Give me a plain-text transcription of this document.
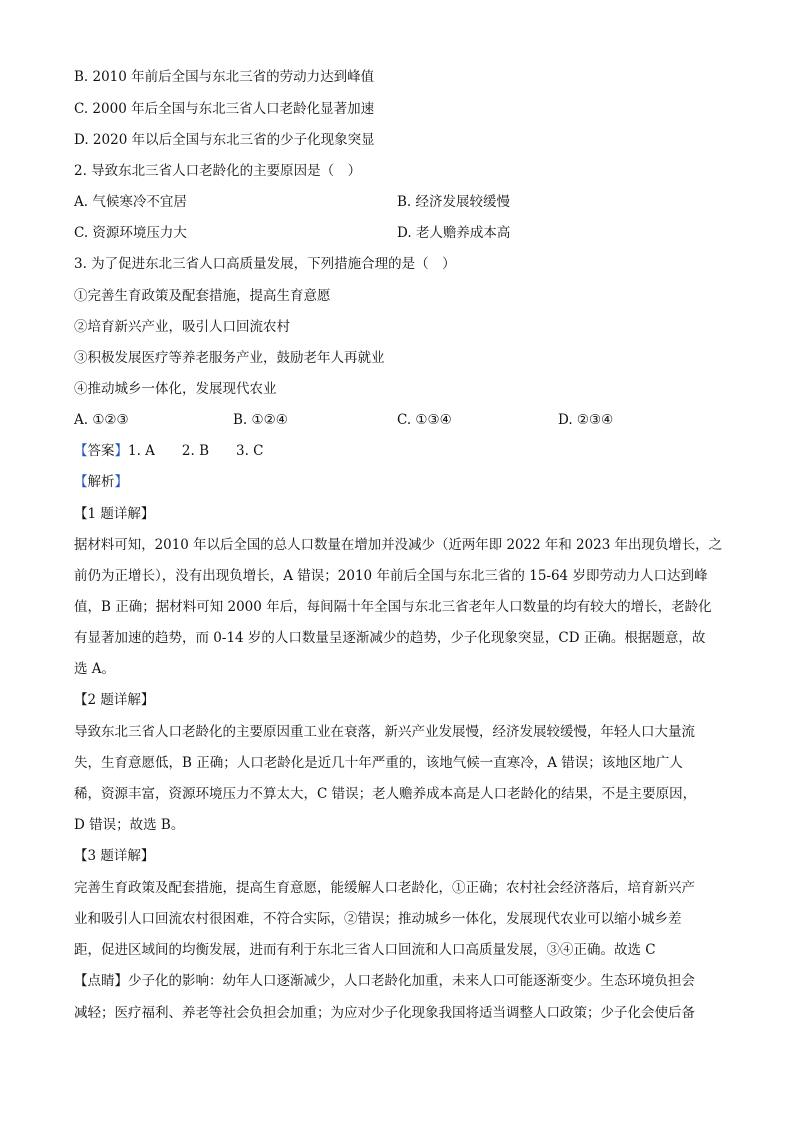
B. 2010 年前后全国与东北三省的劳动力达到峰值
C. 2000 年后全国与东北三省人口老龄化显著加速
D. 2020 年以后全国与东北三省的少子化现象突显
2. 导致东北三省人口老龄化的主要原因是（　）
A. 气候寒冷不宜居	B. 经济发展较缓慢
C. 资源环境压力大	D. 老人赡养成本高
3. 为了促进东北三省人口高质量发展，下列措施合理的是（　）
①完善生育政策及配套措施，提高生育意愿
②培育新兴产业，吸引人口回流农村
③积极发展医疗等养老服务产业，鼓励老年人再就业
④推动城乡一体化，发展现代农业
A. ①②③	B. ①②④	C. ①③④	D. ②③④
【答案】1. A　　2. B　　3. C
【解析】
【1 题详解】
据材料可知，2010 年以后全国的总人口数量在增加并没减少（近两年即 2022 年和 2023 年出现负增长，之
前仍为正增长），没有出现负增长，A 错误；2010 年前后全国与东北三省的 15-64 岁即劳动力人口达到峰
值，B 正确；据材料可知 2000 年后，每间隔十年全国与东北三省老年人口数量的均有较大的增长，老龄化
有显著加速的趋势，而 0-14 岁的人口数量呈逐渐减少的趋势，少子化现象突显，CD 正确。根据题意，故
选 A。
【2 题详解】
导致东北三省人口老龄化的主要原因重工业在衰落，新兴产业发展慢，经济发展较缓慢，年轻人口大量流
失，生育意愿低，B 正确；人口老龄化是近几十年严重的，该地气候一直寒冷，A 错误；该地区地广人
稀，资源丰富，资源环境压力不算太大，C 错误；老人赡养成本高是人口老龄化的结果，不是主要原因，
D 错误；故选 B。
【3 题详解】
完善生育政策及配套措施，提高生育意愿，能缓解人口老龄化，①正确；农村社会经济落后，培育新兴产
业和吸引人口回流农村很困难，不符合实际，②错误；推动城乡一体化，发展现代农业可以缩小城乡差
距，促进区域间的均衡发展，进而有利于东北三省人口回流和人口高质量发展，③④正确。故选 C
【点睛】少子化的影响：幼年人口逐渐减少，人口老龄化加重，未来人口可能逐渐变少。生态环境负担会
减轻；医疗福利、养老等社会负担会加重；为应对少子化现象我国将适当调整人口政策；少子化会使后备
